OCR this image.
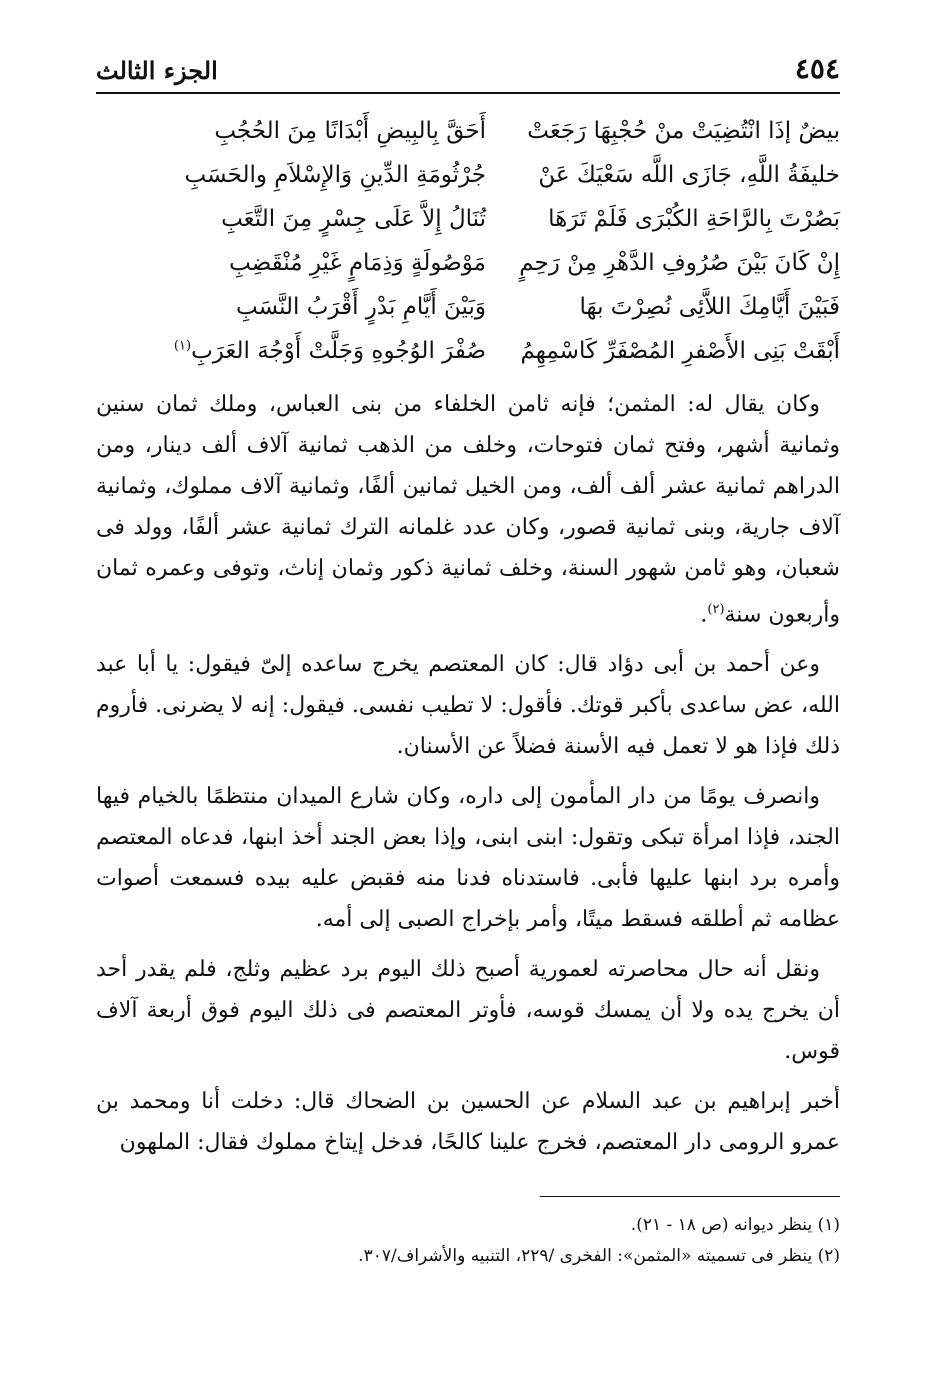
٤٥٤
الجزء الثالث
بيضٌ إذَا انْتُضِيَتْ منْ حُجْبِهَا رَجَعَتْ
أَحَقَّ بِالبِيضِ أَبْدَانًا مِنَ الحُجُبِ
خليفَةُ اللَّهِ، جَازَى اللَّه سَعْيَكَ عَنْ
جُرْثُومَةِ الدِّينِ وَالإِسْلاَمِ والحَسَبِ
بَصُرْتَ بِالرَّاحَةِ الكُبْرَى فَلَمْ تَرَهَا
تُنَالُ إِلاَّ عَلَى جِسْرٍ مِنَ التَّعَبِ
إِنْ كَانَ بَيْنَ صُرُوفِ الدَّهْرِ مِنْ رَحِمٍ
مَوْصُولَةٍ وَذِمَامٍ غَيْرِ مُنْقَضِبِ
فَبَيْنَ أَيَّامِكَ اللاَّئِى نُصِرْتَ بهَا
وَبَيْنَ أَيَّامِ بَدْرٍ أَقْرَبُ النَّسَبِ
أَبْقَتْ بَنِى الأَصْفرِ المُصْفَرِّ كَاسْمِهِمُ
صُفْرَ الوُجُوهِ وَجَلَّتْ أَوْجُهَ العَرَبِ$^{(١)}$

وكان يقال له: المثمن؛ فإنه ثامن الخلفاء من بنى العباس، وملك ثمان سنين وثمانية أشهر، وفتح ثمان فتوحات، وخلف من الذهب ثمانية آلاف ألف دينار، ومن الدراهم ثمانية عشر ألف ألف، ومن الخيل ثمانين ألفًا، وثمانية آلاف مملوك، وثمانية آلاف جارية، وبنى ثمانية قصور، وكان عدد غلمانه الترك ثمانية عشر ألفًا، وولد فى شعبان، وهو ثامن شهور السنة، وخلف ثمانية ذكور وثمان إناث، وتوفى وعمره ثمان وأربعون سنة$^{(٢)}$.

وعن أحمد بن أبى دؤاد قال: كان المعتصم يخرج ساعده إلىّ فيقول: يا أبا عبد الله، عض ساعدى بأكبر قوتك. فأقول: لا تطيب نفسى. فيقول: إنه لا يضرنى. فأروم ذلك فإذا هو لا تعمل فيه الأسنة فضلاً عن الأسنان.

وانصرف يومًا من دار المأمون إلى داره، وكان شارع الميدان منتظمًا بالخيام فيها الجند، فإذا امرأة تبكى وتقول: ابنى ابنى، وإذا بعض الجند أخذ ابنها، فدعاه المعتصم وأمره برد ابنها عليها فأبى. فاستدناه فدنا منه فقبض عليه بيده فسمعت أصوات عظامه ثم أطلقه فسقط ميتًا، وأمر بإخراج الصبى إلى أمه.

ونقل أنه حال محاصرته لعمورية أصبح ذلك اليوم برد عظيم وثلج، فلم يقدر أحد أن يخرج يده ولا أن يمسك قوسه، فأوتر المعتصم فى ذلك اليوم فوق أربعة آلاف قوس.

أخبر إبراهيم بن عبد السلام عن الحسين بن الضحاك قال: دخلت أنا ومحمد بن عمرو الرومى دار المعتصم، فخرج علينا كالحًا، فدخل إيتاخ مملوك فقال: الملهون

(١) ينظر ديوانه (ص ١٨ - ٢١).
(٢) ينظر فى تسميته «المثمن»: الفخرى /٢٢٩، التنبيه والأشراف/٣٠٧.
